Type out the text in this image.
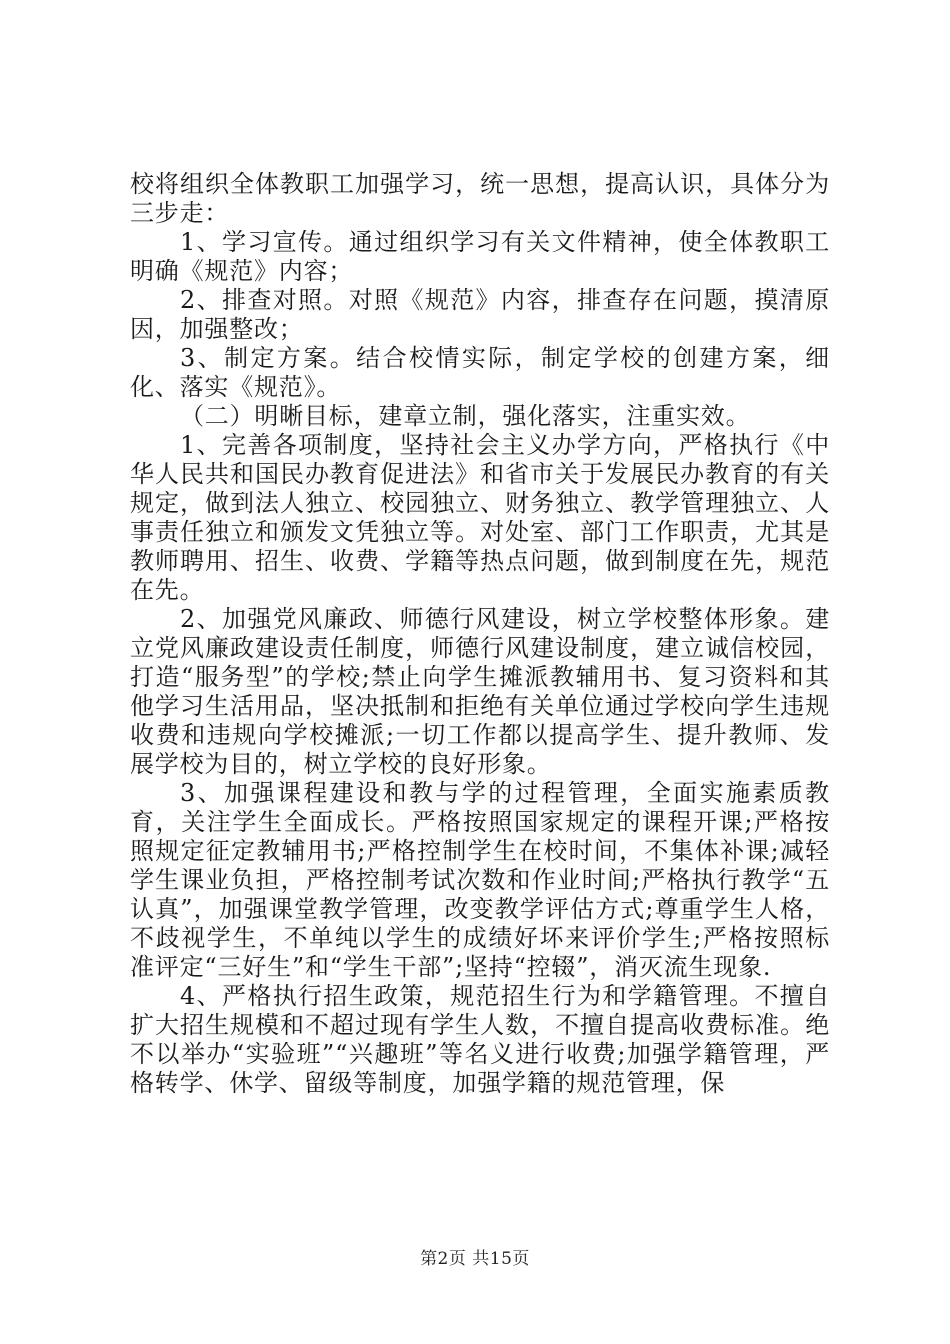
校将组织全体教职工加强学习，统一思想，提高认识，具体分为三步走：

1、学习宣传。通过组织学习有关文件精神，使全体教职工明确《规范》内容；

2、排查对照。对照《规范》内容，排查存在问题，摸清原因，加强整改；

3、制定方案。结合校情实际，制定学校的创建方案，细化、落实《规范》。

（二）明晰目标，建章立制，强化落实，注重实效。

1、完善各项制度，坚持社会主义办学方向，严格执行《中华人民共和国民办教育促进法》和省市关于发展民办教育的有关规定，做到法人独立、校园独立、财务独立、教学管理独立、人事责任独立和颁发文凭独立等。对处室、部门工作职责，尤其是教师聘用、招生、收费、学籍等热点问题，做到制度在先，规范在先。

2、加强党风廉政、师德行风建设，树立学校整体形象。建立党风廉政建设责任制度，师德行风建设制度，建立诚信校园，打造“服务型”的学校;禁止向学生摊派教辅用书、复习资料和其他学习生活用品，坚决抵制和拒绝有关单位通过学校向学生违规收费和违规向学校摊派;一切工作都以提高学生、提升教师、发展学校为目的，树立学校的良好形象。

3、加强课程建设和教与学的过程管理，全面实施素质教育，关注学生全面成长。严格按照国家规定的课程开课;严格按照规定征定教辅用书;严格控制学生在校时间，不集体补课;减轻学生课业负担，严格控制考试次数和作业时间;严格执行教学“五认真”，加强课堂教学管理，改变教学评估方式;尊重学生人格，不歧视学生，不单纯以学生的成绩好坏来评价学生;严格按照标准评定“三好生”和“学生干部”;坚持“控辍”，消灭流生现象.

4、严格执行招生政策，规范招生行为和学籍管理。不擅自扩大招生规模和不超过现有学生人数，不擅自提高收费标准。绝不以举办“实验班”“兴趣班”等名义进行收费;加强学籍管理，严格转学、休学、留级等制度，加强学籍的规范管理，保

第2页 共15页
